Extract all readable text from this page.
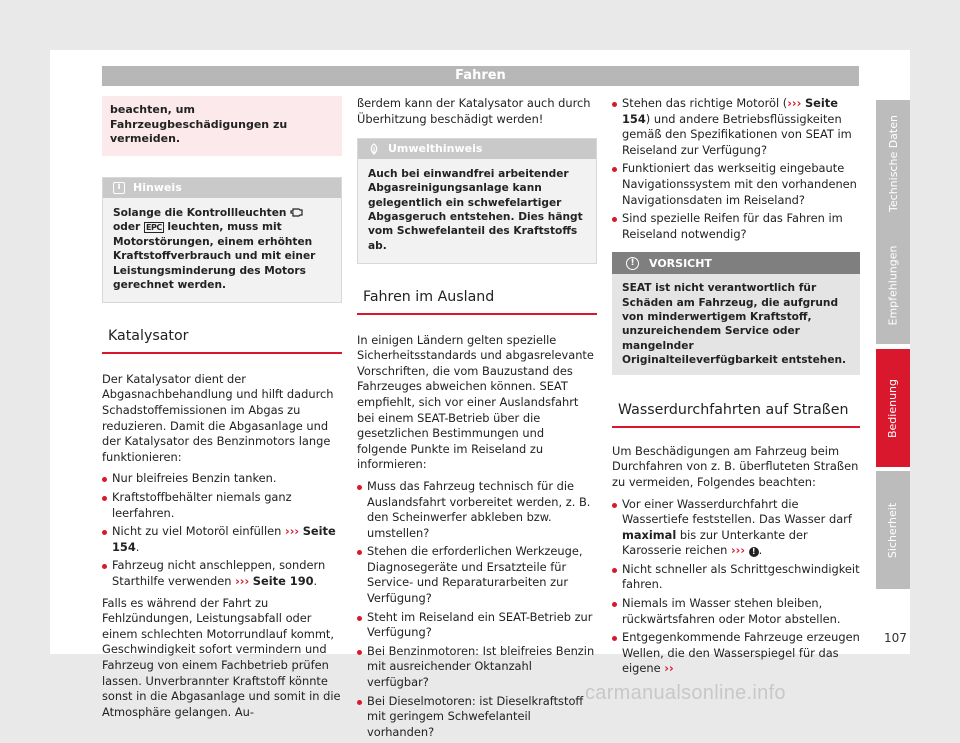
Fahren
beachten, um Fahrzeugbeschädigungen zu vermeiden.
i	Hinweis
Solange die Kontrollleuchten  oder EPC leuchten, muss mit Motorstörungen, einem erhöhten Kraftstoffverbrauch und mit einer Leistungsminderung des Motors gerechnet werden.
Katalysator
Der Katalysator dient der Abgasnachbehandlung und hilft dadurch Schadstoffemissionen im Abgas zu reduzieren. Damit die Abgasanlage und der Katalysator des Benzinmotors lange funktionieren:
Nur bleifreies Benzin tanken.
Kraftstoffbehälter niemals ganz leerfahren.
Nicht zu viel Motoröl einfüllen ››› Seite 154.
Fahrzeug nicht anschleppen, sondern Starthilfe verwenden ››› Seite 190.
Falls es während der Fahrt zu Fehlzündungen, Leistungsabfall oder einem schlechten Motorrundlauf kommt, Geschwindigkeit sofort vermindern und Fahrzeug von einem Fachbetrieb prüfen lassen. Unverbrannter Kraftstoff könnte sonst in die Abgasanlage und somit in die Atmosphäre gelangen. Au-
ßerdem kann der Katalysator auch durch Überhitzung beschädigt werden!
Umwelthinweis
Auch bei einwandfrei arbeitender Abgasreinigungsanlage kann gelegentlich ein schwefelartiger Abgasgeruch entstehen. Dies hängt vom Schwefelanteil des Kraftstoffs ab.
Fahren im Ausland
In einigen Ländern gelten spezielle Sicherheitsstandards und abgasrelevante Vorschriften, die vom Bauzustand des Fahrzeuges abweichen können. SEAT empfiehlt, sich vor einer Auslandsfahrt bei einem SEAT-Betrieb über die gesetzlichen Bestimmungen und folgende Punkte im Reiseland zu informieren:
Muss das Fahrzeug technisch für die Auslandsfahrt vorbereitet werden, z. B. den Scheinwerfer abkleben bzw. umstellen?
Stehen die erforderlichen Werkzeuge, Diagnosegeräte und Ersatzteile für Service- und Reparaturarbeiten zur Verfügung?
Steht im Reiseland ein SEAT-Betrieb zur Verfügung?
Bei Benzinmotoren: Ist bleifreies Benzin mit ausreichender Oktanzahl verfügbar?
Bei Dieselmotoren: ist Dieselkraftstoff mit geringem Schwefelanteil vorhanden?
Stehen das richtige Motoröl (››› Seite 154) und andere Betriebsflüssigkeiten gemäß den Spezifikationen von SEAT im Reiseland zur Verfügung?
Funktioniert das werkseitig eingebaute Navigationssystem mit den vorhandenen Navigationsdaten im Reiseland?
Sind spezielle Reifen für das Fahren im Reiseland notwendig?
!	VORSICHT
SEAT ist nicht verantwortlich für Schäden am Fahrzeug, die aufgrund von minderwertigem Kraftstoff, unzureichendem Service oder mangelnder Originalteileverfügbarkeit entstehen.
Wasserdurchfahrten auf Straßen
Um Beschädigungen am Fahrzeug beim Durchfahren von z. B. überfluteten Straßen zu vermeiden, Folgendes beachten:
Vor einer Wasserdurchfahrt die Wassertiefe feststellen. Das Wasser darf maximal bis zur Unterkante der Karosserie reichen ››› ! .
Nicht schneller als Schrittgeschwindigkeit fahren.
Niemals im Wasser stehen bleiben, rückwärtsfahren oder Motor abstellen.
Entgegenkommende Fahrzeuge erzeugen Wellen, die den Wasserspiegel für das eigene ››
Technische Daten
Empfehlungen
Bedienung
Sicherheit
107
carmanualsonline.info
